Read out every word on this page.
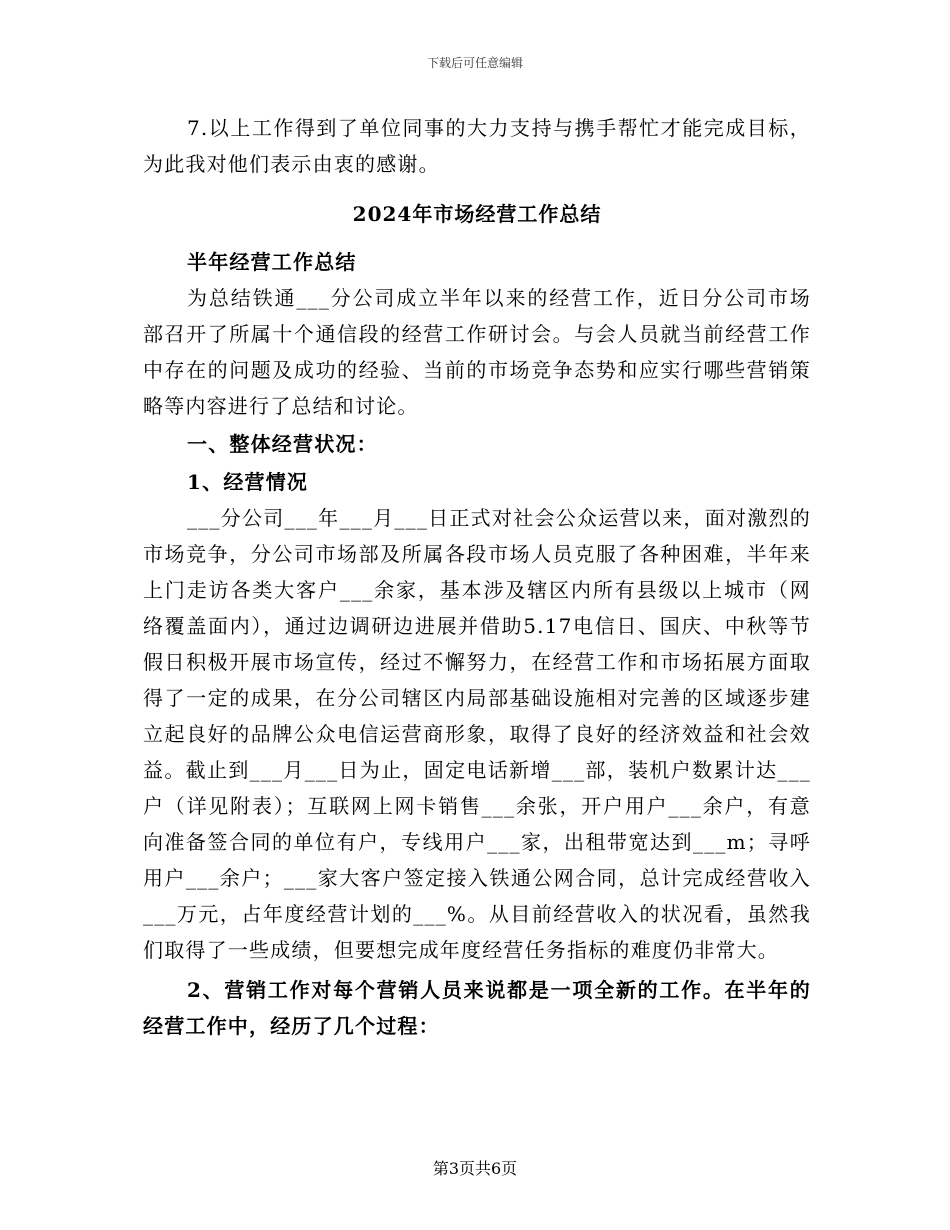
下载后可任意编辑

7.以上工作得到了单位同事的大力支持与携手帮忙才能完成目标，为此我对他们表示由衷的感谢。

2024年市场经营工作总结

半年经营工作总结

为总结铁通___分公司成立半年以来的经营工作，近日分公司市场部召开了所属十个通信段的经营工作研讨会。与会人员就当前经营工作中存在的问题及成功的经验、当前的市场竞争态势和应实行哪些营销策略等内容进行了总结和讨论。

一、整体经营状况：

1、经营情况

___分公司___年___月___日正式对社会公众运营以来，面对激烈的市场竞争，分公司市场部及所属各段市场人员克服了各种困难，半年来上门走访各类大客户___余家，基本涉及辖区内所有县级以上城市（网络覆盖面内），通过边调研边进展并借助5.17电信日、国庆、中秋等节假日积极开展市场宣传，经过不懈努力，在经营工作和市场拓展方面取得了一定的成果，在分公司辖区内局部基础设施相对完善的区域逐步建立起良好的品牌公众电信运营商形象，取得了良好的经济效益和社会效益。截止到___月___日为止，固定电话新增___部，装机户数累计达___户（详见附表）；互联网上网卡销售___余张，开户用户___余户，有意向准备签合同的单位有户，专线用户___家，出租带宽达到___m；寻呼用户___余户；___家大客户签定接入铁通公网合同，总计完成经营收入___万元，占年度经营计划的___%。从目前经营收入的状况看，虽然我们取得了一些成绩，但要想完成年度经营任务指标的难度仍非常大。

2、营销工作对每个营销人员来说都是一项全新的工作。在半年的经营工作中，经历了几个过程：

第3页共6页
